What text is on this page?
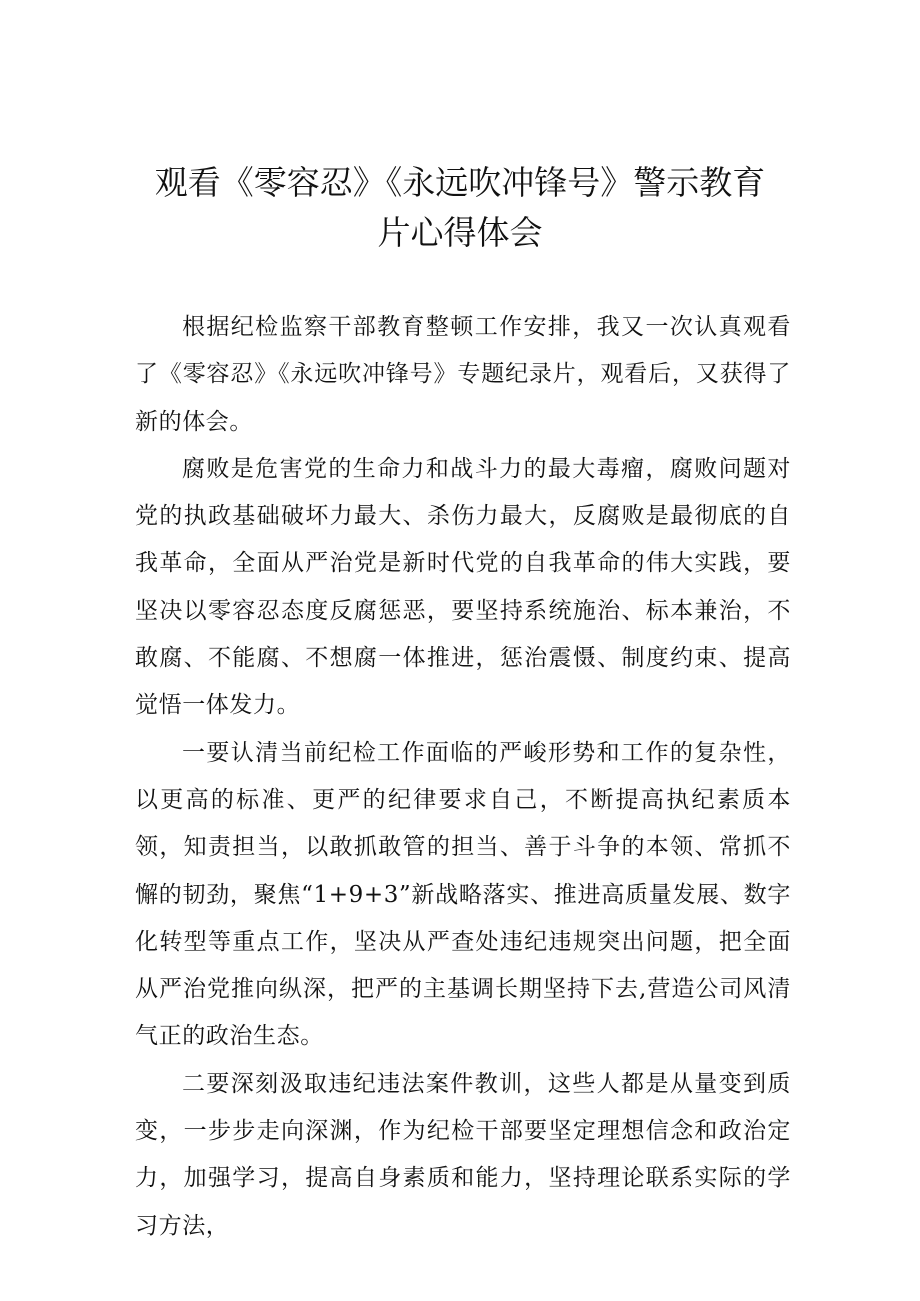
观看《零容忍》《永远吹冲锋号》警示教育
片心得体会

根据纪检监察干部教育整顿工作安排，我又一次认真观看了《零容忍》《永远吹冲锋号》专题纪录片，观看后，又获得了新的体会。

腐败是危害党的生命力和战斗力的最大毒瘤，腐败问题对党的执政基础破坏力最大、杀伤力最大，反腐败是最彻底的自我革命，全面从严治党是新时代党的自我革命的伟大实践，要坚决以零容忍态度反腐惩恶，要坚持系统施治、标本兼治，不敢腐、不能腐、不想腐一体推进，惩治震慑、制度约束、提高觉悟一体发力。

一要认清当前纪检工作面临的严峻形势和工作的复杂性，以更高的标准、更严的纪律要求自己，不断提高执纪素质本领，知责担当，以敢抓敢管的担当、善于斗争的本领、常抓不懈的韧劲，聚焦“1+9+3”新战略落实、推进高质量发展、数字化转型等重点工作，坚决从严查处违纪违规突出问题，把全面从严治党推向纵深，把严的主基调长期坚持下去,营造公司风清气正的政治生态。

二要深刻汲取违纪违法案件教训，这些人都是从量变到质变，一步步走向深渊，作为纪检干部要坚定理想信念和政治定力，加强学习，提高自身素质和能力，坚持理论联系实际的学习方法，
